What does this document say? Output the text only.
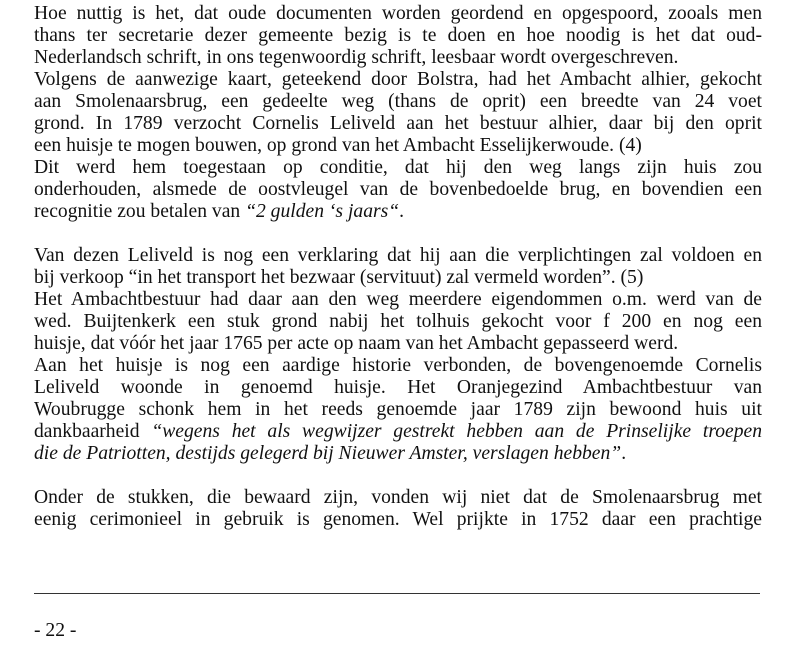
Hoe nuttig is het, dat oude documenten worden geordend en opgespoord, zooals men
thans ter secretarie dezer gemeente bezig is te doen en hoe noodig is het dat oud-
Nederlandsch schrift, in ons tegenwoordig schrift, leesbaar wordt overgeschreven.
Volgens de aanwezige kaart, geteekend door Bolstra, had het Ambacht alhier, gekocht
aan Smolenaarsbrug, een gedeelte weg (thans de oprit) een breedte van 24 voet
grond. In 1789 verzocht Cornelis Leliveld aan het bestuur alhier, daar bij den oprit
een huisje te mogen bouwen, op grond van het Ambacht Esselijkerwoude. (4)
Dit werd hem toegestaan op conditie, dat hij den weg langs zijn huis zou
onderhouden, alsmede de oostvleugel van de bovenbedoelde brug, en bovendien een
recognitie zou betalen van “2 gulden ‘s jaars“.
Van dezen Leliveld is nog een verklaring dat hij aan die verplichtingen zal voldoen en
bij verkoop “in het transport het bezwaar (servituut) zal vermeld worden”. (5)
Het Ambachtbestuur had daar aan den weg meerdere eigendommen o.m. werd van de
wed. Buijtenkerk een stuk grond nabij het tolhuis gekocht voor f 200 en nog een
huisje, dat vóór het jaar 1765 per acte op naam van het Ambacht gepasseerd werd.
Aan het huisje is nog een aardige historie verbonden, de bovengenoemde Cornelis
Leliveld woonde in genoemd huisje. Het Oranjegezind Ambachtbestuur van
Woubrugge schonk hem in het reeds genoemde jaar 1789 zijn bewoond huis uit
dankbaarheid “wegens het als wegwijzer gestrekt hebben aan de Prinselijke troepen
die de Patriotten, destijds gelegerd bij Nieuwer Amster, verslagen hebben”.
Onder de stukken, die bewaard zijn, vonden wij niet dat de Smolenaarsbrug met
eenig cerimonieel in gebruik is genomen. Wel prijkte in 1752 daar een prachtige
- 22 -
